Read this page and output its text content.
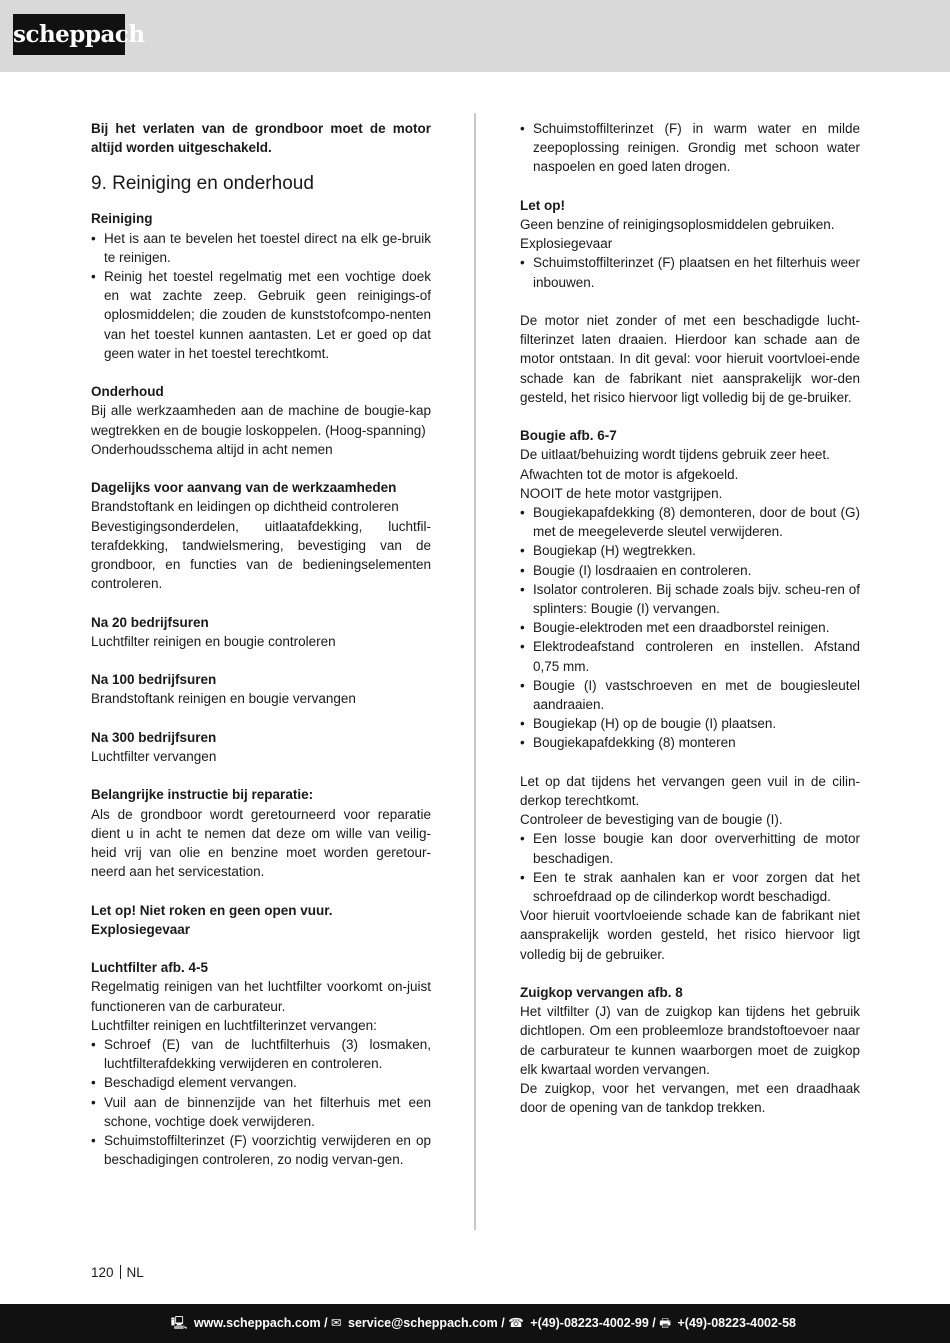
scheppach

Bij het verlaten van de grondboor moet de motor altijd worden uitgeschakeld.

9. Reiniging en onderhoud

Reiniging

• Het is aan te bevelen het toestel direct na elk ge-bruik te reinigen.
• Reinig het toestel regelmatig met een vochtige doek en wat zachte zeep. Gebruik geen reinigings-of oplosmiddelen; die zouden de kunststofcompo-nenten van het toestel kunnen aantasten. Let er goed op dat geen water in het toestel terechtkomt.

Onderhoud

Bij alle werkzaamheden aan de machine de bougie-kap wegtrekken en de bougie loskoppelen. (Hoog-spanning)

Onderhoudsschema altijd in acht nemen

Dagelijks voor aanvang van de werkzaamheden

Brandstoftank en leidingen op dichtheid controleren

Bevestigingsonderdelen, uitlaatafdekking, luchtfil-terafdekking, tandwielsmering, bevestiging van de grondboor, en functies van de bedieningselementen controleren.

Na 20 bedrijfsuren

Luchtfilter reinigen en bougie controleren

Na 100 bedrijfsuren

Brandstoftank reinigen en bougie vervangen

Na 300 bedrijfsuren

Luchtfilter vervangen

Belangrijke instructie bij reparatie:

Als de grondboor wordt geretourneerd voor reparatie dient u in acht te nemen dat deze om wille van veilig-heid vrij van olie en benzine moet worden geretour-neerd aan het servicestation.

Let op! Niet roken en geen open vuur.

Explosiegevaar

Luchtfilter afb. 4-5

Regelmatig reinigen van het luchtfilter voorkomt on-juist functioneren van de carburateur.

Luchtfilter reinigen en luchtfilterinzet vervangen:

• Schroef (E) van de luchtfilterhuis (3) losmaken, luchtfilterafdekking verwijderen en controleren.
• Beschadigd element vervangen.
• Vuil aan de binnenzijde van het filterhuis met een schone, vochtige doek verwijderen.
• Schuimstoffilterinzet (F) voorzichtig verwijderen en op beschadigingen controleren, zo nodig vervan-gen.
• Schuimstoffilterinzet (F) in warm water en milde zeepoplossing reinigen. Grondig met schoon water naspoelen en goed laten drogen.

Let op!

Geen benzine of reinigingsoplosmiddelen gebruiken.

Explosiegevaar

• Schuimstoffilterinzet (F) plaatsen en het filterhuis weer inbouwen.

De motor niet zonder of met een beschadigde lucht-filterinzet laten draaien. Hierdoor kan schade aan de motor ontstaan. In dit geval: voor hieruit voortvloei-ende schade kan de fabrikant niet aansprakelijk wor-den gesteld, het risico hiervoor ligt volledig bij de ge-bruiker.

Bougie afb. 6-7

De uitlaat/behuizing wordt tijdens gebruik zeer heet.

Afwachten tot de motor is afgekoeld.

NOOIT de hete motor vastgrijpen.

• Bougiekapafdekking (8) demonteren, door de bout (G) met de meegeleverde sleutel verwijderen.
• Bougiekap (H) wegtrekken.
• Bougie (I) losdraaien en controleren.
• Isolator controleren. Bij schade zoals bijv. scheu-ren of splinters: Bougie (I) vervangen.
• Bougie-elektroden met een draadborstel reinigen.
• Elektrodeafstand controleren en instellen. Afstand 0,75 mm.
• Bougie (I) vastschroeven en met de bougiesleutel aandraaien.
• Bougiekap (H) op de bougie (I) plaatsen.
• Bougiekapafdekking (8) monteren

Let op dat tijdens het vervangen geen vuil in de cilin-derkop terechtkomt.

Controleer de bevestiging van de bougie (I).

• Een losse bougie kan door oververhitting de motor beschadigen.
• Een te strak aanhalen kan er voor zorgen dat het schroefdraad op de cilinderkop wordt beschadigd.

Voor hieruit voortvloeiende schade kan de fabrikant niet aansprakelijk worden gesteld, het risico hiervoor ligt volledig bij de gebruiker.

Zuigkop vervangen afb. 8

Het viltfilter (J) van de zuigkop kan tijdens het gebruik dichtlopen. Om een probleemloze brandstoftoevoer naar de carburateur te kunnen waarborgen moet de zuigkop elk kwartaal worden vervangen.

De zuigkop, voor het vervangen, met een draadhaak door de opening van de tankdop trekken.

120 NL
🖳 www.scheppach.com / ✉ service@scheppach.com / ☎ +(49)-08223-4002-99 / 🖶 +(49)-08223-4002-58
